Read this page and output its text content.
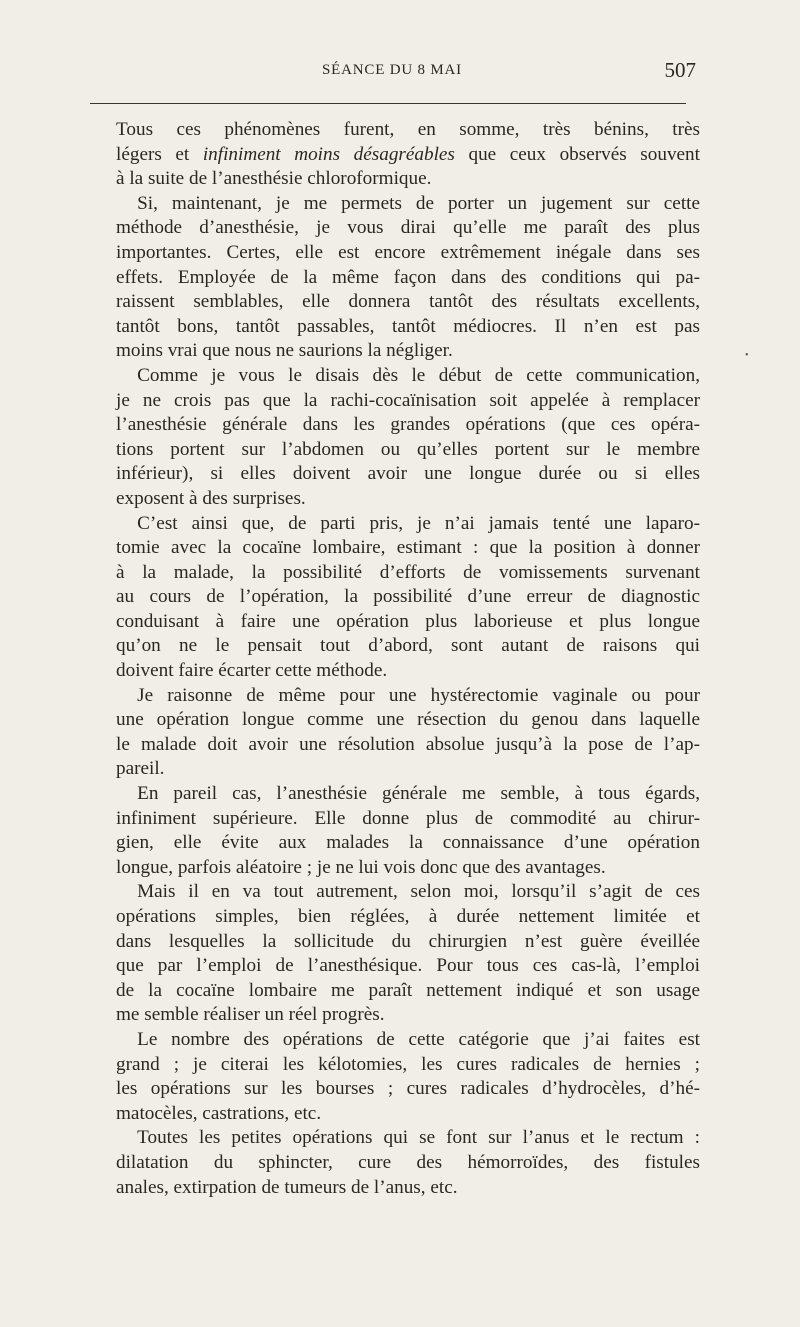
SÉANCE DU 8 MAI	507

Tous ces phénomènes furent, en somme, très bénins, très
légers et infiniment moins désagréables que ceux observés souvent
à la suite de l’anesthésie chloroformique.

Si, maintenant, je me permets de porter un jugement sur cette
méthode d’anesthésie, je vous dirai qu’elle me paraît des plus
importantes. Certes, elle est encore extrêmement inégale dans ses
effets. Employée de la même façon dans des conditions qui pa-
raissent semblables, elle donnera tantôt des résultats excellents,
tantôt bons, tantôt passables, tantôt médiocres. Il n’en est pas
moins vrai que nous ne saurions la négliger.

Comme je vous le disais dès le début de cette communication,
je ne crois pas que la rachi-cocaïnisation soit appelée à remplacer
l’anesthésie générale dans les grandes opérations (que ces opéra-
tions portent sur l’abdomen ou qu’elles portent sur le membre
inférieur), si elles doivent avoir une longue durée ou si elles
exposent à des surprises.

C’est ainsi que, de parti pris, je n’ai jamais tenté une laparo-
tomie avec la cocaïne lombaire, estimant : que la position à donner
à la malade, la possibilité d’efforts de vomissements survenant
au cours de l’opération, la possibilité d’une erreur de diagnostic
conduisant à faire une opération plus laborieuse et plus longue
qu’on ne le pensait tout d’abord, sont autant de raisons qui
doivent faire écarter cette méthode.

Je raisonne de même pour une hystérectomie vaginale ou pour
une opération longue comme une résection du genou dans laquelle
le malade doit avoir une résolution absolue jusqu’à la pose de l’ap-
pareil.

En pareil cas, l’anesthésie générale me semble, à tous égards,
infiniment supérieure. Elle donne plus de commodité au chirur-
gien, elle évite aux malades la connaissance d’une opération
longue, parfois aléatoire ; je ne lui vois donc que des avantages.

Mais il en va tout autrement, selon moi, lorsqu’il s’agit de ces
opérations simples, bien réglées, à durée nettement limitée et
dans lesquelles la sollicitude du chirurgien n’est guère éveillée
que par l’emploi de l’anesthésique. Pour tous ces cas-là, l’emploi
de la cocaïne lombaire me paraît nettement indiqué et son usage
me semble réaliser un réel progrès.

Le nombre des opérations de cette catégorie que j’ai faites est
grand ; je citerai les kélotomies, les cures radicales de hernies ;
les opérations sur les bourses ; cures radicales d’hydrocèles, d’hé-
matocèles, castrations, etc.

Toutes les petites opérations qui se font sur l’anus et le rectum :
dilatation du sphincter, cure des hémorroïdes, des fistules
anales, extirpation de tumeurs de l’anus, etc.

•
